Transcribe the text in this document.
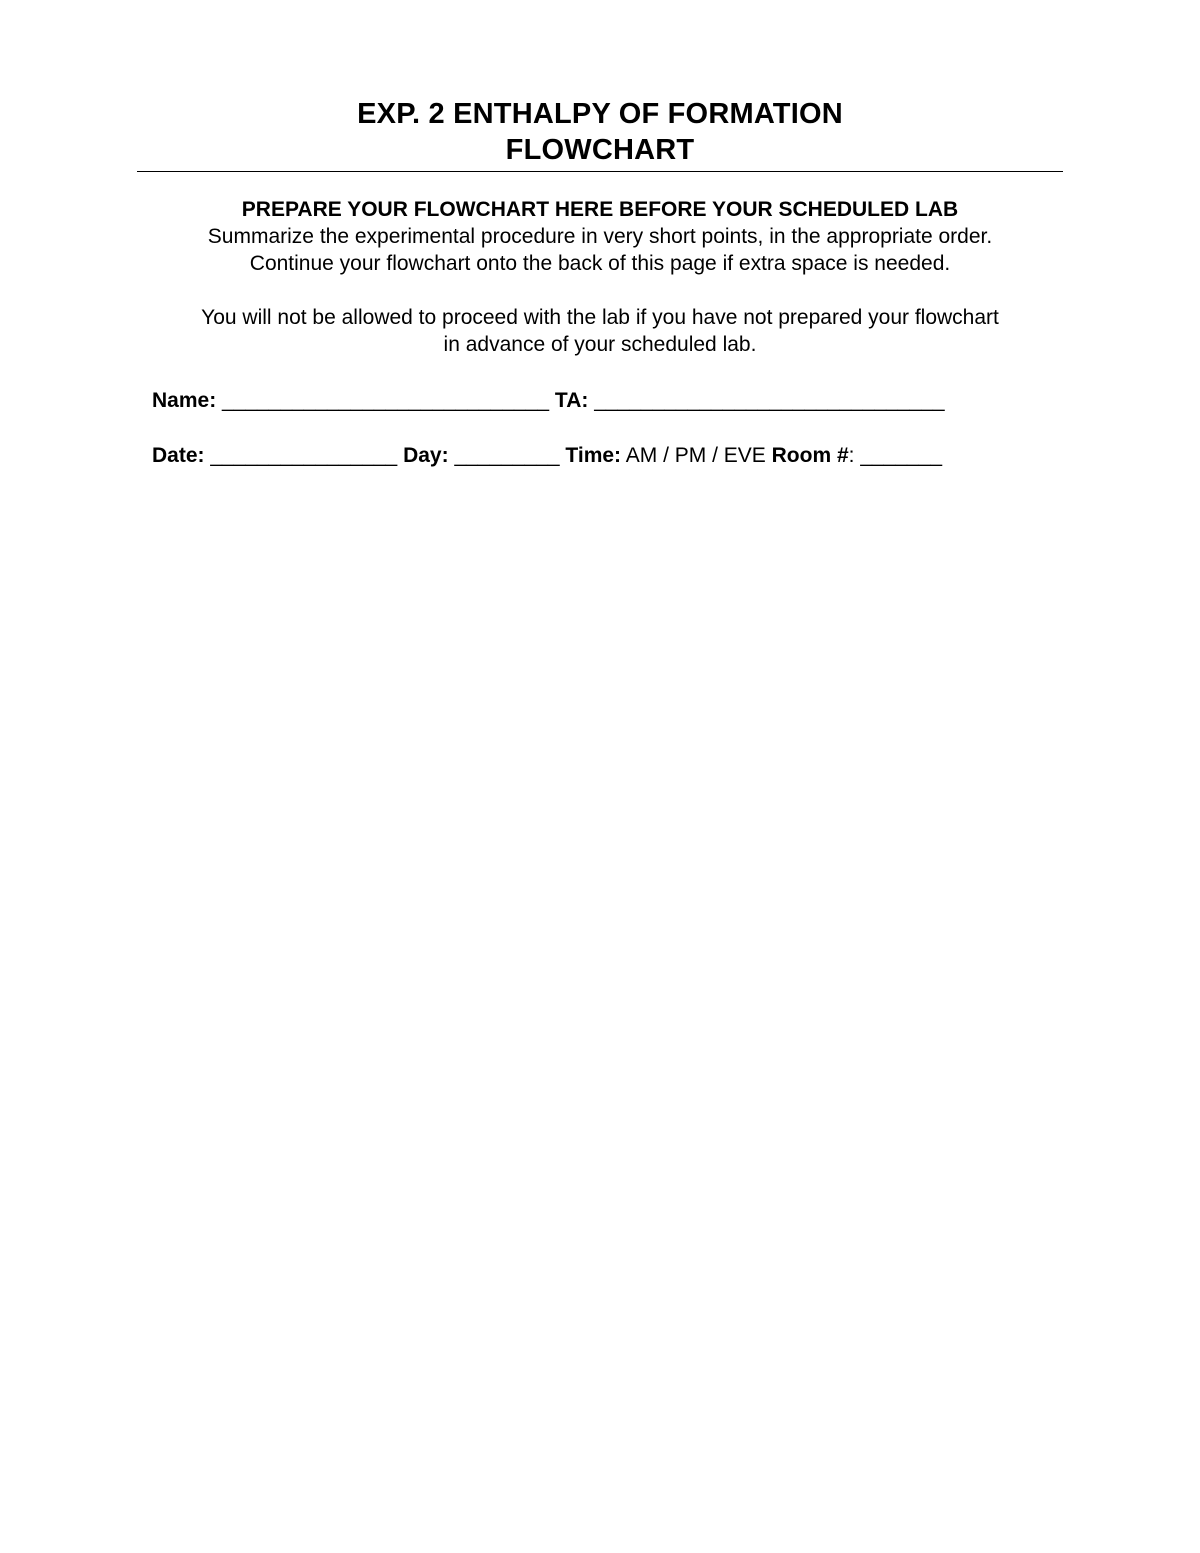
EXP. 2 ENTHALPY OF FORMATION
FLOWCHART
PREPARE YOUR FLOWCHART HERE BEFORE YOUR SCHEDULED LAB
Summarize the experimental procedure in very short points, in the appropriate order.
Continue your flowchart onto the back of this page if extra space is needed.
You will not be allowed to proceed with the lab if you have not prepared your flowchart
in advance of your scheduled lab.
Name: ____________________________ TA: ______________________________
Date: ________________ Day: _________ Time: AM / PM / EVE Room #: _______
